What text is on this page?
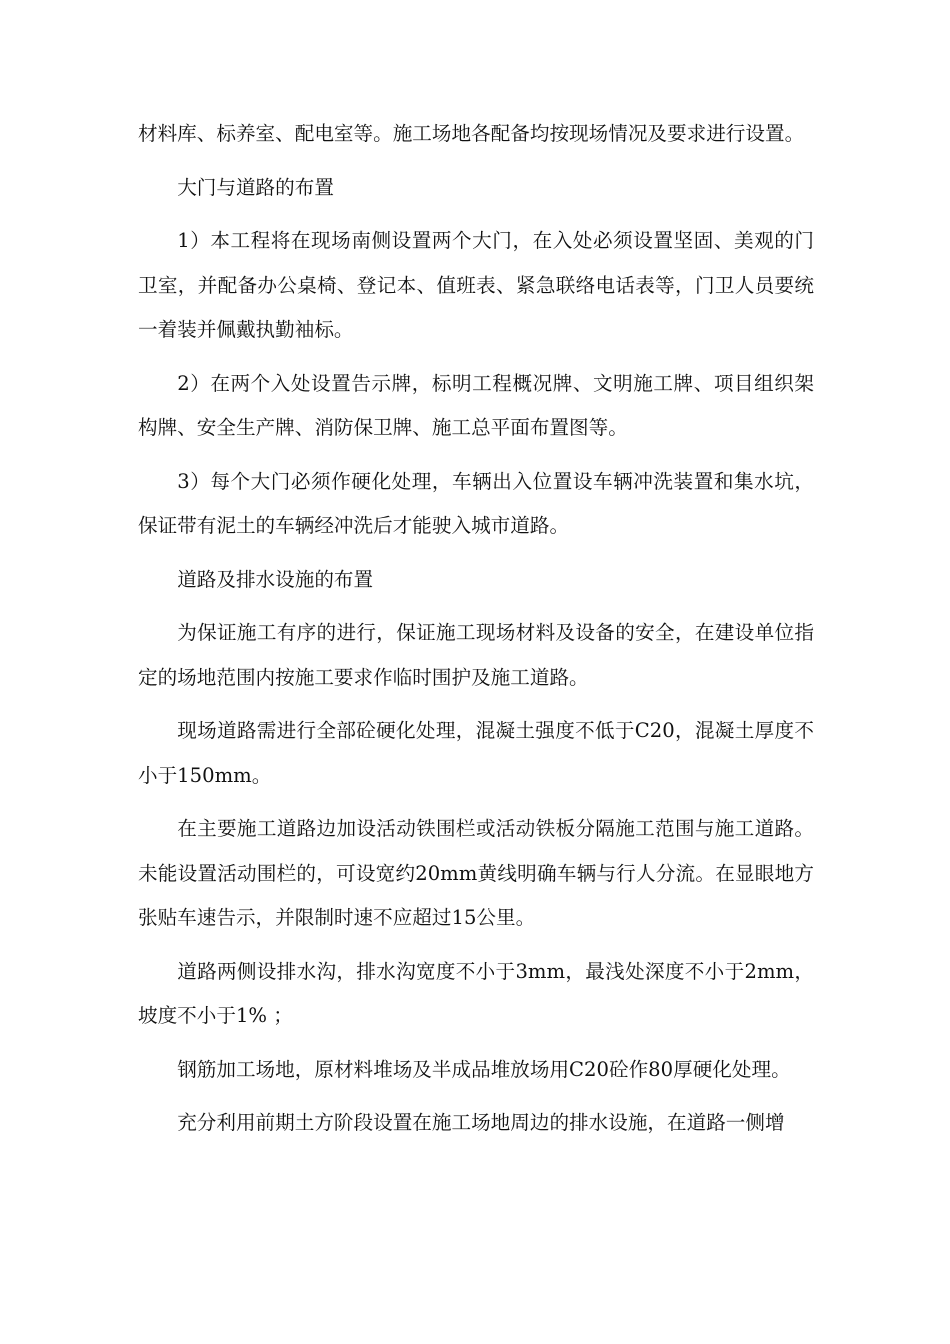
材料库、标养室、配电室等。施工场地各配备均按现场情况及要求进行设置。

大门与道路的布置

1）本工程将在现场南侧设置两个大门，在入处必须设置坚固、美观的门卫室，并配备办公桌椅、登记本、值班表、紧急联络电话表等，门卫人员要统一着装并佩戴执勤袖标。

2）在两个入处设置告示牌，标明工程概况牌、文明施工牌、项目组织架构牌、安全生产牌、消防保卫牌、施工总平面布置图等。

3）每个大门必须作硬化处理，车辆出入位置设车辆冲洗装置和集水坑，保证带有泥土的车辆经冲洗后才能驶入城市道路。

道路及排水设施的布置

为保证施工有序的进行，保证施工现场材料及设备的安全，在建设单位指定的场地范围内按施工要求作临时围护及施工道路。

现场道路需进行全部砼硬化处理，混凝土强度不低于C20，混凝土厚度不小于150mm。

在主要施工道路边加设活动铁围栏或活动铁板分隔施工范围与施工道路。未能设置活动围栏的，可设宽约20mm黄线明确车辆与行人分流。在显眼地方张贴车速告示，并限制时速不应超过15公里。

道路两侧设排水沟，排水沟宽度不小于3mm，最浅处深度不小于2mm，坡度不小于1% ；

钢筋加工场地，原材料堆场及半成品堆放场用C20砼作80厚硬化处理。

充分利用前期土方阶段设置在施工场地周边的排水设施，在道路一侧增
